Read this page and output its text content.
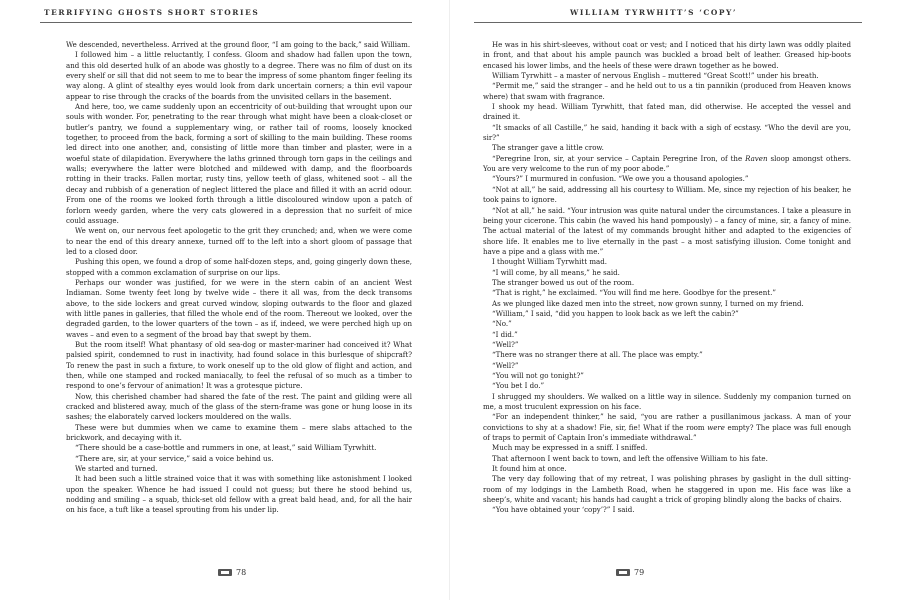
TERRIFYING GHOSTS SHORT STORIES

We descended, nevertheless. Arrived at the ground floor, “I am going to the back,” said William.

I followed him – a little reluctantly, I confess. Gloom and shadow had fallen upon the town, and this old deserted hulk of an abode was ghostly to a degree. There was no film of dust on its every shelf or sill that did not seem to me to bear the impress of some phantom finger feeling its way along. A glint of stealthy eyes would look from dark uncertain corners; a thin evil vapour appear to rise through the cracks of the boards from the unvisited cellars in the basement.

And here, too, we came suddenly upon an eccentricity of out-building that wrought upon our souls with wonder. For, penetrating to the rear through what might have been a cloak-closet or butler’s pantry, we found a supplementary wing, or rather tail of rooms, loosely knocked together, to proceed from the back, forming a sort of skilling to the main building. These rooms led direct into one another, and, consisting of little more than timber and plaster, were in a woeful state of dilapidation. Everywhere the laths grinned through torn gaps in the ceilings and walls; everywhere the latter were blotched and mildewed with damp, and the floorboards rotting in their tracks. Fallen mortar, rusty tins, yellow teeth of glass, whitened soot – all the decay and rubbish of a generation of neglect littered the place and filled it with an acrid odour. From one of the rooms we looked forth through a little discoloured window upon a patch of forlorn weedy garden, where the very cats glowered in a depression that no surfeit of mice could assuage.

We went on, our nervous feet apologetic to the grit they crunched; and, when we were come to near the end of this dreary annexe, turned off to the left into a short gloom of passage that led to a closed door.

Pushing this open, we found a drop of some half-dozen steps, and, going gingerly down these, stopped with a common exclamation of surprise on our lips.

Perhaps our wonder was justified, for we were in the stern cabin of an ancient West Indiaman. Some twenty feet long by twelve wide – there it all was, from the deck transoms above, to the side lockers and great curved window, sloping outwards to the floor and glazed with little panes in galleries, that filled the whole end of the room. Thereout we looked, over the degraded garden, to the lower quarters of the town – as if, indeed, we were perched high up on waves – and even to a segment of the broad bay that swept by them.

But the room itself! What phantasy of old sea-dog or master-mariner had conceived it? What palsied spirit, condemned to rust in inactivity, had found solace in this burlesque of shipcraft? To renew the past in such a fixture, to work oneself up to the old glow of flight and action, and then, while one stamped and rocked maniacally, to feel the refusal of so much as a timber to respond to one’s fervour of animation! It was a grotesque picture.

Now, this cherished chamber had shared the fate of the rest. The paint and gilding were all cracked and blistered away, much of the glass of the stern-frame was gone or hung loose in its sashes; the elaborately carved lockers mouldered on the walls.

These were but dummies when we came to examine them – mere slabs attached to the brickwork, and decaying with it.

“There should be a case-bottle and rummers in one, at least,” said William Tyrwhitt.

“There are, sir, at your service,” said a voice behind us.

We started and turned.

It had been such a little strained voice that it was with something like astonishment I looked upon the speaker. Whence he had issued I could not guess; but there he stood behind us, nodding and smiling – a squab, thick-set old fellow with a great bald head, and, for all the hair on his face, a tuft like a teasel sprouting from his under lip.

78
WILLIAM TYRWHITT’S ‘COPY’

He was in his shirt-sleeves, without coat or vest; and I noticed that his dirty lawn was oddly plaited in front, and that about his ample paunch was buckled a broad belt of leather. Greased hip-boots encased his lower limbs, and the heels of these were drawn together as he bowed.

William Tyrwhitt – a master of nervous English – muttered “Great Scott!” under his breath.

“Permit me,” said the stranger – and he held out to us a tin pannikin (produced from Heaven knows where) that swam with fragrance.

I shook my head. William Tyrwhitt, that fated man, did otherwise. He accepted the vessel and drained it.

“It smacks of all Castille,” he said, handing it back with a sigh of ecstasy. “Who the devil are you, sir?”

The stranger gave a little crow.

“Peregrine Iron, sir, at your service – Captain Peregrine Iron, of the Raven sloop amongst others. You are very welcome to the run of my poor abode.”

“Yours?” I murmured in confusion. “We owe you a thousand apologies.”

“Not at all,” he said, addressing all his courtesy to William. Me, since my rejection of his beaker, he took pains to ignore.

“Not at all,” he said. “Your intrusion was quite natural under the circumstances. I take a pleasure in being your cicerone. This cabin (he waved his hand pompously) – a fancy of mine, sir, a fancy of mine. The actual material of the latest of my commands brought hither and adapted to the exigencies of shore life. It enables me to live eternally in the past – a most satisfying illusion. Come tonight and have a pipe and a glass with me.”

I thought William Tyrwhitt mad.

“I will come, by all means,” he said.

The stranger bowed us out of the room.

“That is right,” he exclaimed. “You will find me here. Goodbye for the present.”

As we plunged like dazed men into the street, now grown sunny, I turned on my friend.

“William,” I said, “did you happen to look back as we left the cabin?”

“No.”

“I did.”

“Well?”

“There was no stranger there at all. The place was empty.”

“Well?”

“You will not go tonight?”

“You bet I do.”

I shrugged my shoulders. We walked on a little way in silence. Suddenly my companion turned on me, a most truculent expression on his face.

“For an independent thinker,” he said, “you are rather a pusillanimous jackass. A man of your convictions to shy at a shadow! Fie, sir, fie! What if the room were empty? The place was full enough of traps to permit of Captain Iron’s immediate withdrawal.”

Much may be expressed in a sniff. I sniffed.

That afternoon I went back to town, and left the offensive William to his fate.

It found him at once.

The very day following that of my retreat, I was polishing phrases by gaslight in the dull sitting-room of my lodgings in the Lambeth Road, when he staggered in upon me. His face was like a sheep’s, white and vacant; his hands had caught a trick of groping blindly along the backs of chairs.

“You have obtained your ‘copy’?” I said.

79
